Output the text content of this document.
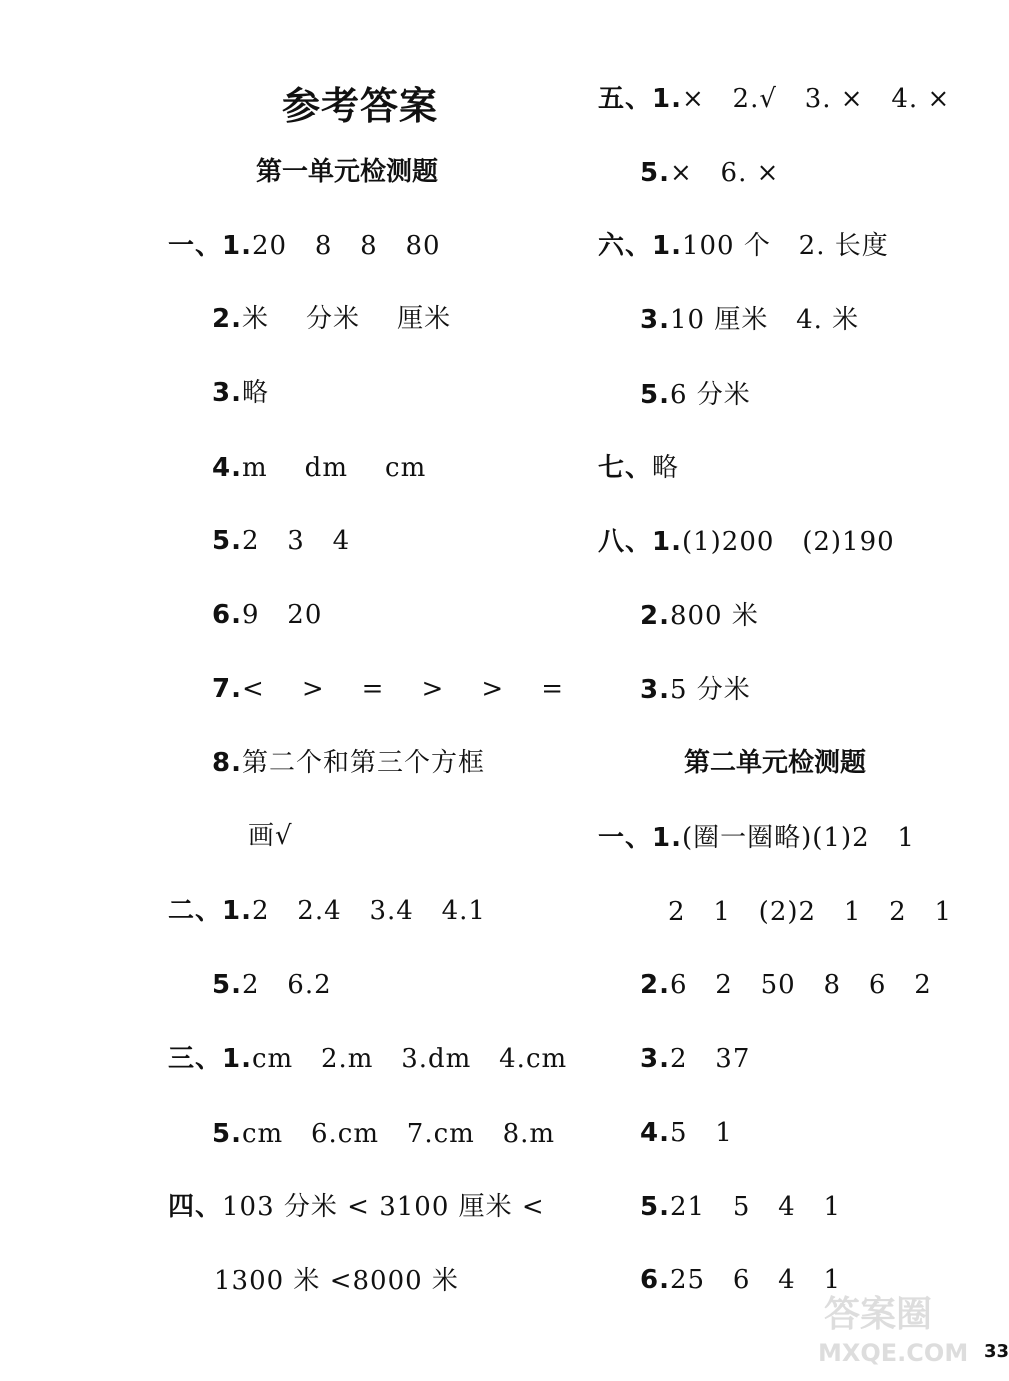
参考答案
第一单元检测题
一、1.20   8   8   80
2.米    分米    厘米
3.略
4.m    dm    cm
5.2   3   4
6.9   20
7.<    >    =    >    >    =
8.第二个和第三个方框
画√
二、1.2   2.4   3.4   4.1
5.2   6.2
三、1.cm   2.m   3.dm   4.cm
5.cm   6.cm   7.cm   8.m
四、103 分米 < 3100 厘米 <
1300 米 <8000 米
五、1.×   2.√   3. ×   4. ×
5.×   6. ×
六、1.100 个   2. 长度
3.10 厘米   4. 米
5.6 分米
七、略
八、1.(1)200   (2)190
2.800 米
3.5 分米
第二单元检测题
一、1.(圈一圈略)(1)2   1
2   1   (2)2   1   2   1
2.6   2   50   8   6   2
3.2   37
4.5   1
5.21   5   4   1
6.25   6   4   1
答案圈
MXQE.COM 33
